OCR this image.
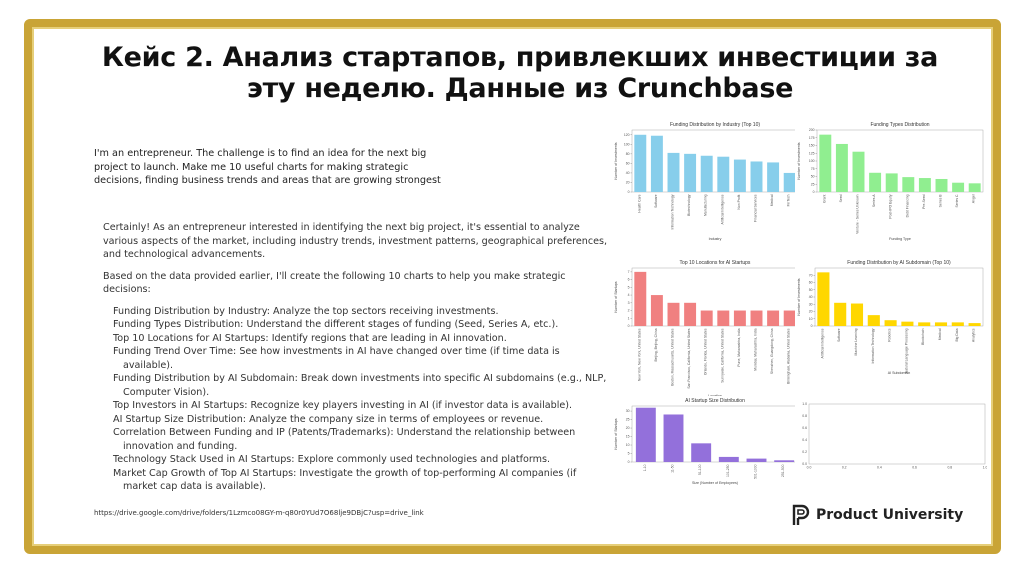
Кейс 2. Анализ стартапов, привлекших инвестиции за
эту неделю. Данные из Crunchbase
I'm an entrepreneur. The challenge is to find an idea for the next big project to launch. Make me 10 useful charts for making strategic decisions, finding business trends and areas that are growing strongest

Certainly! As an entrepreneur interested in identifying the next big project, it's essential to analyze various aspects of the market, including industry trends, investment patterns, geographical preferences, and technological advancements.

Based on the data provided earlier, I'll create the following 10 charts to help you make strategic decisions:

Funding Distribution by Industry: Analyze the top sectors receiving investments.
Funding Types Distribution: Understand the different stages of funding (Seed, Series A, etc.).
Top 10 Locations for AI Startups: Identify regions that are leading in AI innovation.
Funding Trend Over Time: See how investments in AI have changed over time (if time data is available).
Funding Distribution by AI Subdomain: Break down investments into specific AI subdomains (e.g., NLP, Computer Vision).
Top Investors in AI Startups: Recognize key players investing in AI (if investor data is available).
AI Startup Size Distribution: Analyze the company size in terms of employees or revenue.
Correlation Between Funding and IP (Patents/Trademarks): Understand the relationship between innovation and funding.
Technology Stack Used in AI Startups: Explore commonly used technologies and platforms.
Market Cap Growth of Top AI Startups: Investigate the growth of top-performing AI companies (if market cap data is available).
https://drive.google.com/drive/folders/1Lzmco08GY-m-q80r0YUd7O68lje9DBjC?usp=drive_link	Product University
Funding Distribution by Industry (Top 10)
0
20
40
60
80
100
120
Health Care	Software	Information Technology	Biotechnology	Manufacturing	Artificial Intelligence	Non Profit	Financial Services	Medical	FinTech
Industry
Number of Investments
Funding Types Distribution
0
25
50
75
100
125
150
175
200
Grant	Seed	Venture - Series Unknown	Series A	Post-IPO Equity	Debt Financing	Pre-Seed	Series B	Series C	Angel
Funding Type
Number of Investments
Top 10 Locations for AI Startups
0
1
2
3
4
5
6
7
New York, New York, United States	Beijing, Beijing, China	Boston, Massachusetts, United States	San Francisco, California, United States	Orlando, Florida, United States	Sunnyvale, California, United States	Pune, Maharashtra, India	Mumbai, Maharashtra, India	Shenzhen, Guangdong, China	Birmingham, Alabama, United States
Number of Startups
Funding Distribution by AI Subdomain (Top 10)
0
10
20
30
40
50
60
70
Artificial Intelligence	Software	Machine Learning	Information Technology	Robotics	Natural Language Processing	Blockchain	Medical	Big Data	Analytics
AI Subdomain
Number of Investments
AI Startup Size Distribution
0
5
10
15
20
25
30
1-10	11-50	51-100	101-250	501-1000	251-500
Size (Number of Employees)
Number of Startups
0.0
0.2
0.4
0.6
0.8
1.0
0.0	0.2	0.4	0.6	0.8	1.0
